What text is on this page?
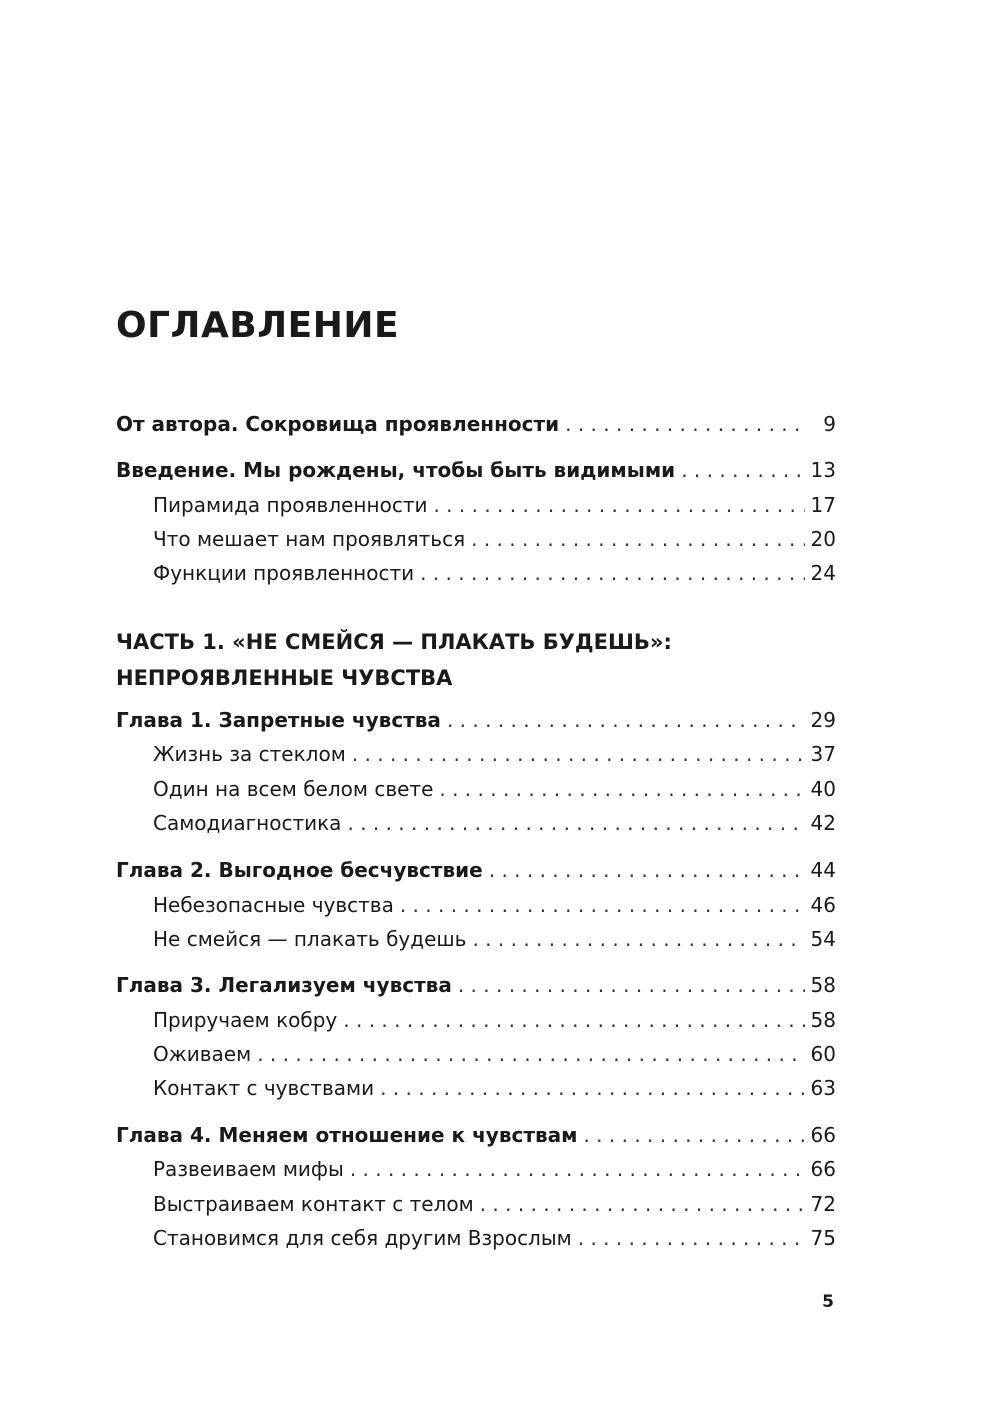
ОГЛАВЛЕНИЕ
От автора. Сокровища проявленности . . .	9
Введение. Мы рождены, чтобы быть видимыми . . .	13
Пирамида проявленности . . .	17
Что мешает нам проявляться . . .	20
Функции проявленности . . .	24
ЧАСТЬ 1. «НЕ СМЕЙСЯ — ПЛАКАТЬ БУДЕШЬ»:
НЕПРОЯВЛЕННЫЕ ЧУВСТВА
Глава 1. Запретные чувства . . .	29
Жизнь за стеклом . . .	37
Один на всем белом свете . . .	40
Самодиагностика . . .	42
Глава 2. Выгодное бесчувствие . . .	44
Небезопасные чувства . . .	46
Не смейся — плакать будешь . . .	54
Глава 3. Легализуем чувства . . .	58
Приручаем кобру . . .	58
Оживаем . . .	60
Контакт с чувствами . . .	63
Глава 4. Меняем отношение к чувствам . . .	66
Развеиваем мифы . . .	66
Выстраиваем контакт с телом . . .	72
Становимся для себя другим Взрослым . . .	75
5
